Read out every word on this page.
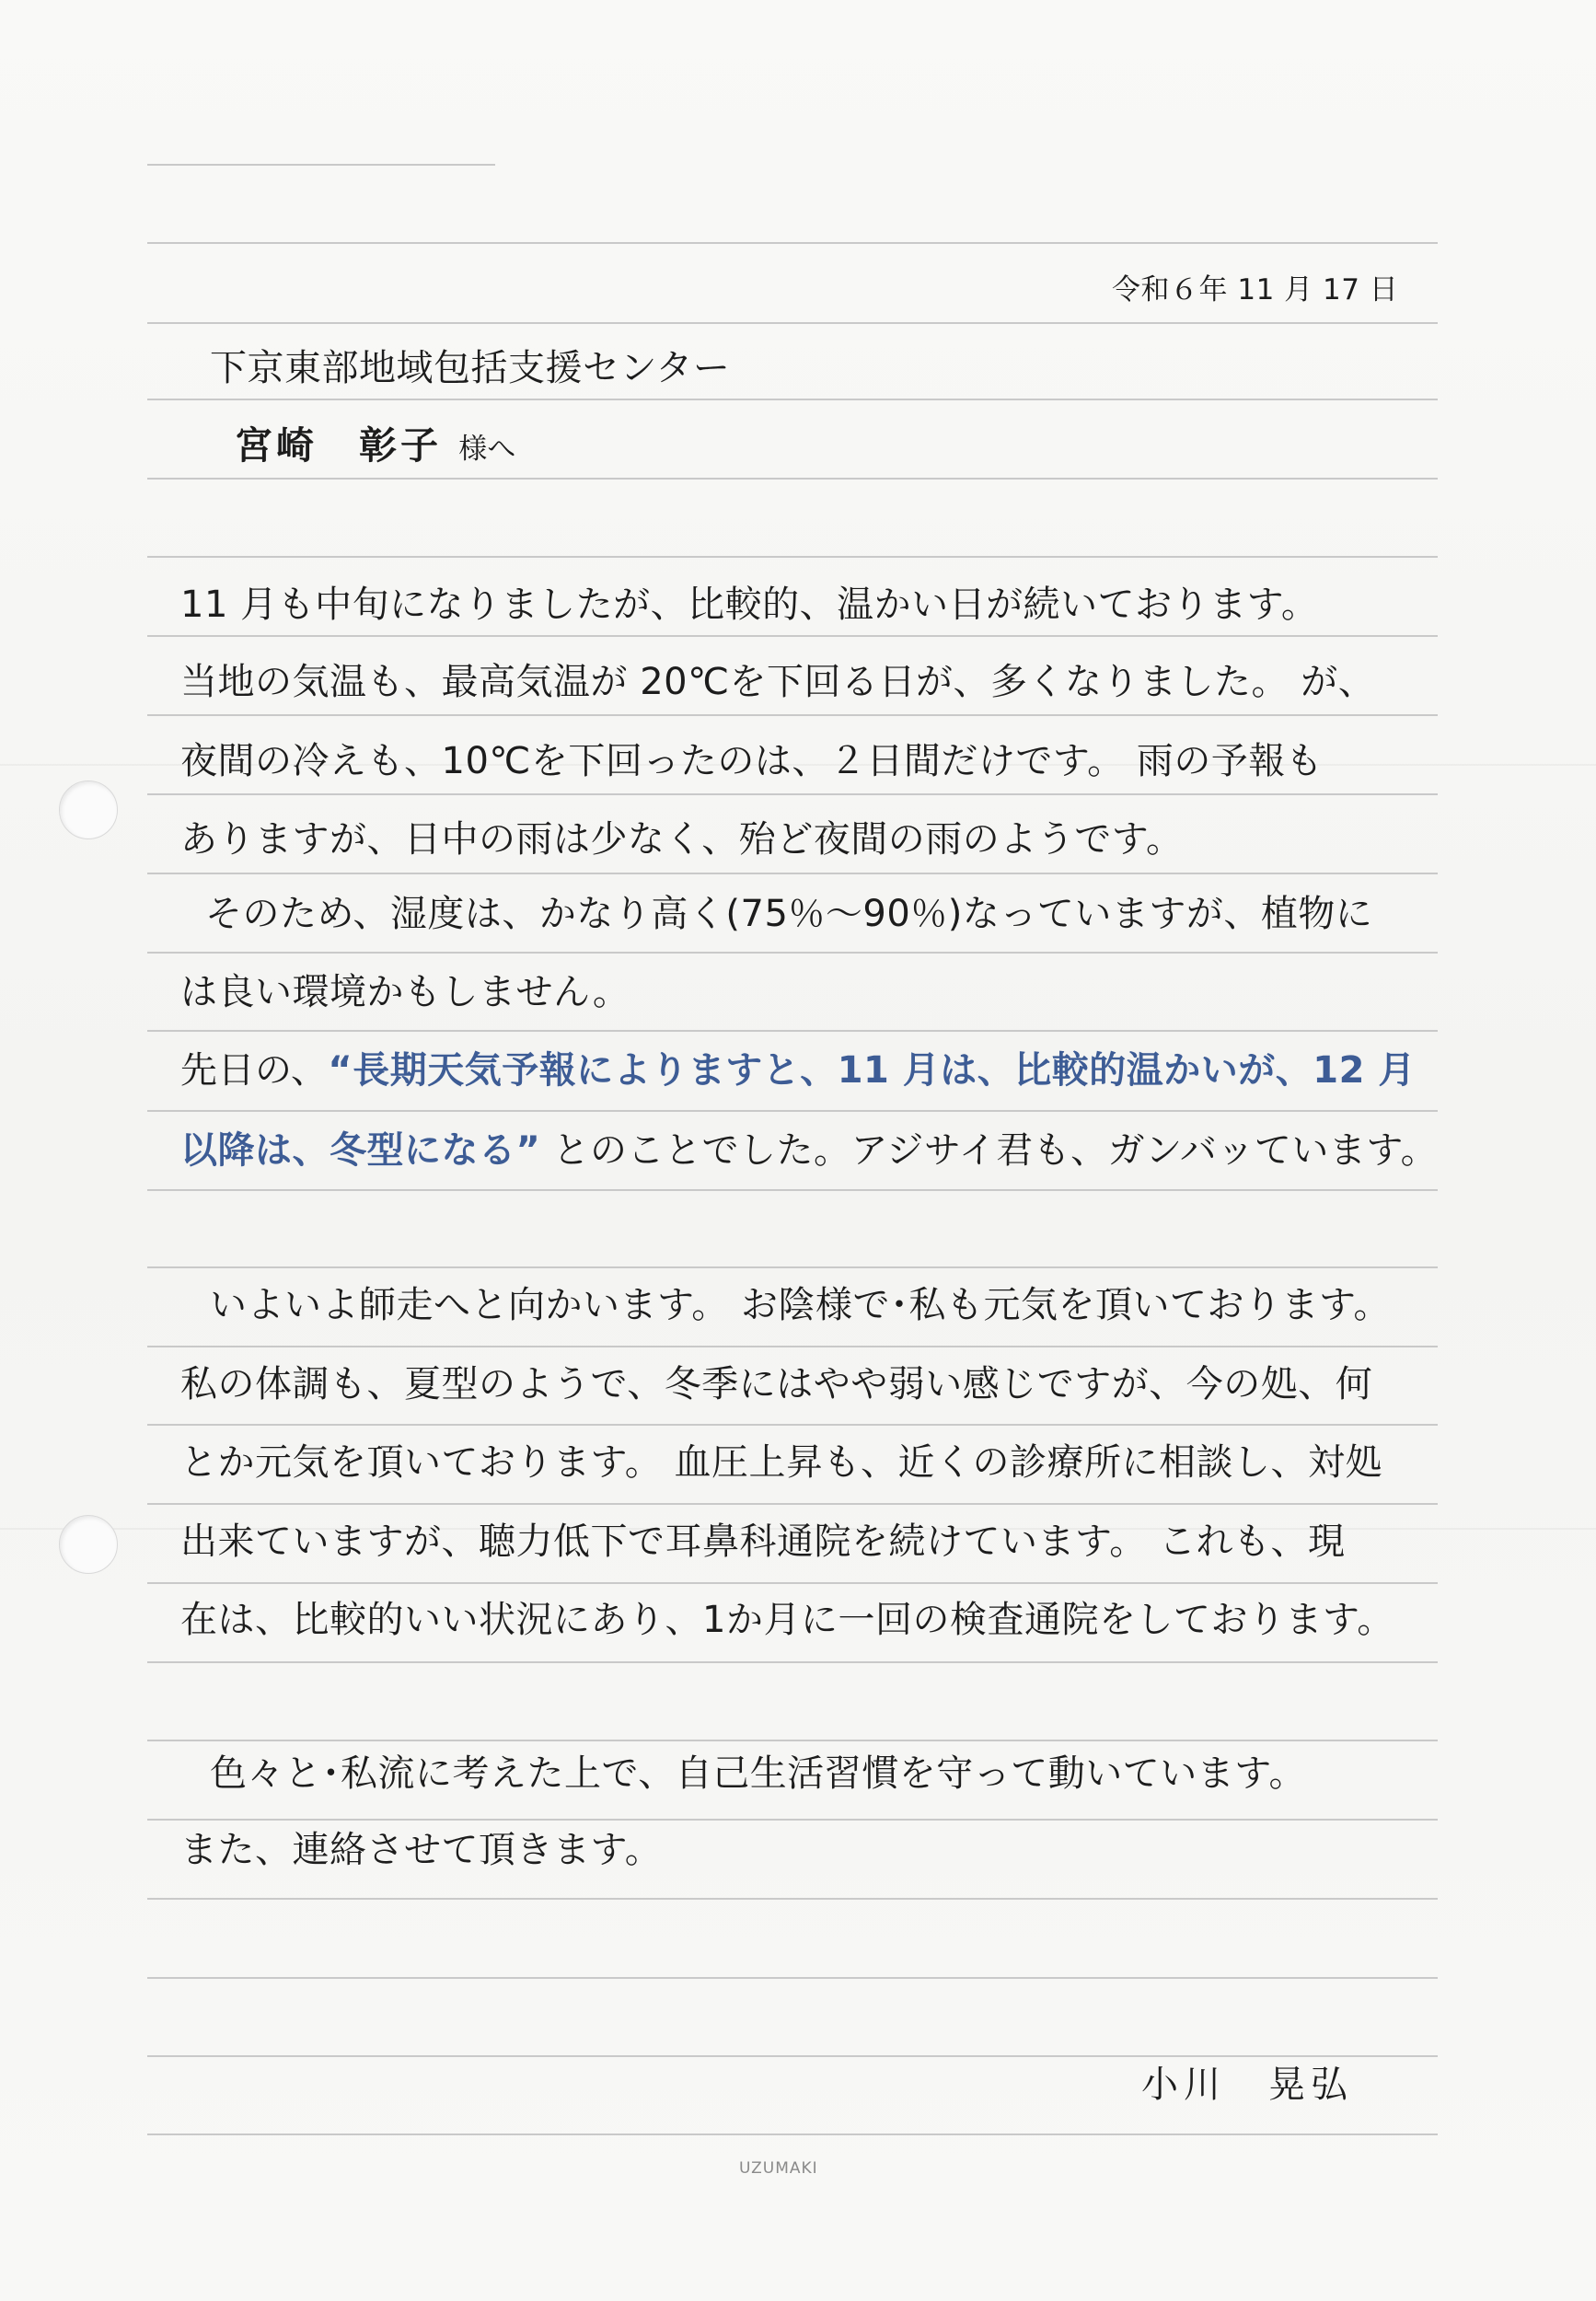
令和６年 11 月 17 日
下京東部地域包括支援センター
宮崎　彰子 様へ
11 月も中旬になりましたが、比較的、温かい日が続いております。
当地の気温も、最高気温が 20℃を下回る日が、多くなりました。 が、
夜間の冷えも、10℃を下回ったのは、２日間だけです。 雨の予報も
ありますが、日中の雨は少なく、殆ど夜間の雨のようです。
そのため、湿度は、かなり高く(75％～90％)なっていますが、植物に
は良い環境かもしません。
先日の、“長期天気予報によりますと、11 月は、比較的温かいが、12 月
以降は、冬型になる” とのことでした。アジサイ君も、ガンバッています。
いよいよ師走へと向かいます。 お陰様で･私も元気を頂いております。
私の体調も、夏型のようで、冬季にはやや弱い感じですが、今の処、何
とか元気を頂いております。 血圧上昇も、近くの診療所に相談し、対処
出来ていますが、聴力低下で耳鼻科通院を続けています。 これも、現
在は、比較的いい状況にあり、1か月に一回の検査通院をしております。
色々と･私流に考えた上で、自己生活習慣を守って動いています。
また、連絡させて頂きます。
小川　晃弘
UZUMAKI
